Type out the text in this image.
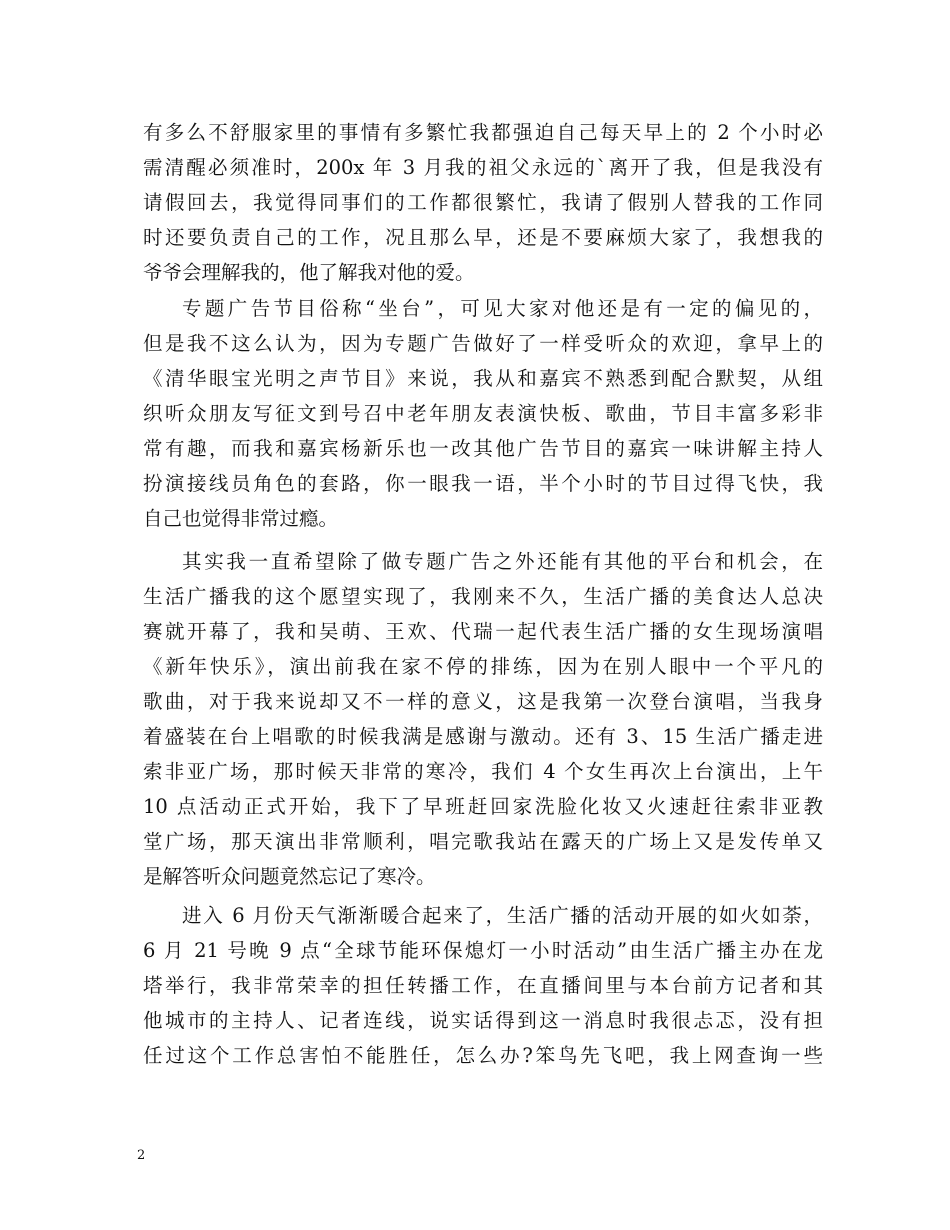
有多么不舒服家里的事情有多繁忙我都强迫自己每天早上的 2 个小时必
需清醒必须准时，200x 年 3 月我的祖父永远的`离开了我，但是我没有
请假回去，我觉得同事们的工作都很繁忙，我请了假别人替我的工作同
时还要负责自己的工作，况且那么早，还是不要麻烦大家了，我想我的
爷爷会理解我的，他了解我对他的爱。
专题广告节目俗称“坐台”，可见大家对他还是有一定的偏见的，
但是我不这么认为，因为专题广告做好了一样受听众的欢迎，拿早上的
《清华眼宝光明之声节目》来说，我从和嘉宾不熟悉到配合默契，从组
织听众朋友写征文到号召中老年朋友表演快板、歌曲，节目丰富多彩非
常有趣，而我和嘉宾杨新乐也一改其他广告节目的嘉宾一味讲解主持人
扮演接线员角色的套路，你一眼我一语，半个小时的节目过得飞快，我
自己也觉得非常过瘾。
其实我一直希望除了做专题广告之外还能有其他的平台和机会，在
生活广播我的这个愿望实现了，我刚来不久，生活广播的美食达人总决
赛就开幕了，我和吴萌、王欢、代瑞一起代表生活广播的女生现场演唱
《新年快乐》，演出前我在家不停的排练，因为在别人眼中一个平凡的
歌曲，对于我来说却又不一样的意义，这是我第一次登台演唱，当我身
着盛装在台上唱歌的时候我满是感谢与激动。还有 3、15 生活广播走进
索非亚广场，那时候天非常的寒冷，我们 4 个女生再次上台演出，上午
10 点活动正式开始，我下了早班赶回家洗脸化妆又火速赶往索非亚教
堂广场，那天演出非常顺利，唱完歌我站在露天的广场上又是发传单又
是解答听众问题竟然忘记了寒冷。
进入 6 月份天气渐渐暖合起来了，生活广播的活动开展的如火如荼，
6 月 21 号晚 9 点“全球节能环保熄灯一小时活动”由生活广播主办在龙
塔举行，我非常荣幸的担任转播工作，在直播间里与本台前方记者和其
他城市的主持人、记者连线，说实话得到这一消息时我很忐忑，没有担
任过这个工作总害怕不能胜任，怎么办?笨鸟先飞吧，我上网查询一些
2
